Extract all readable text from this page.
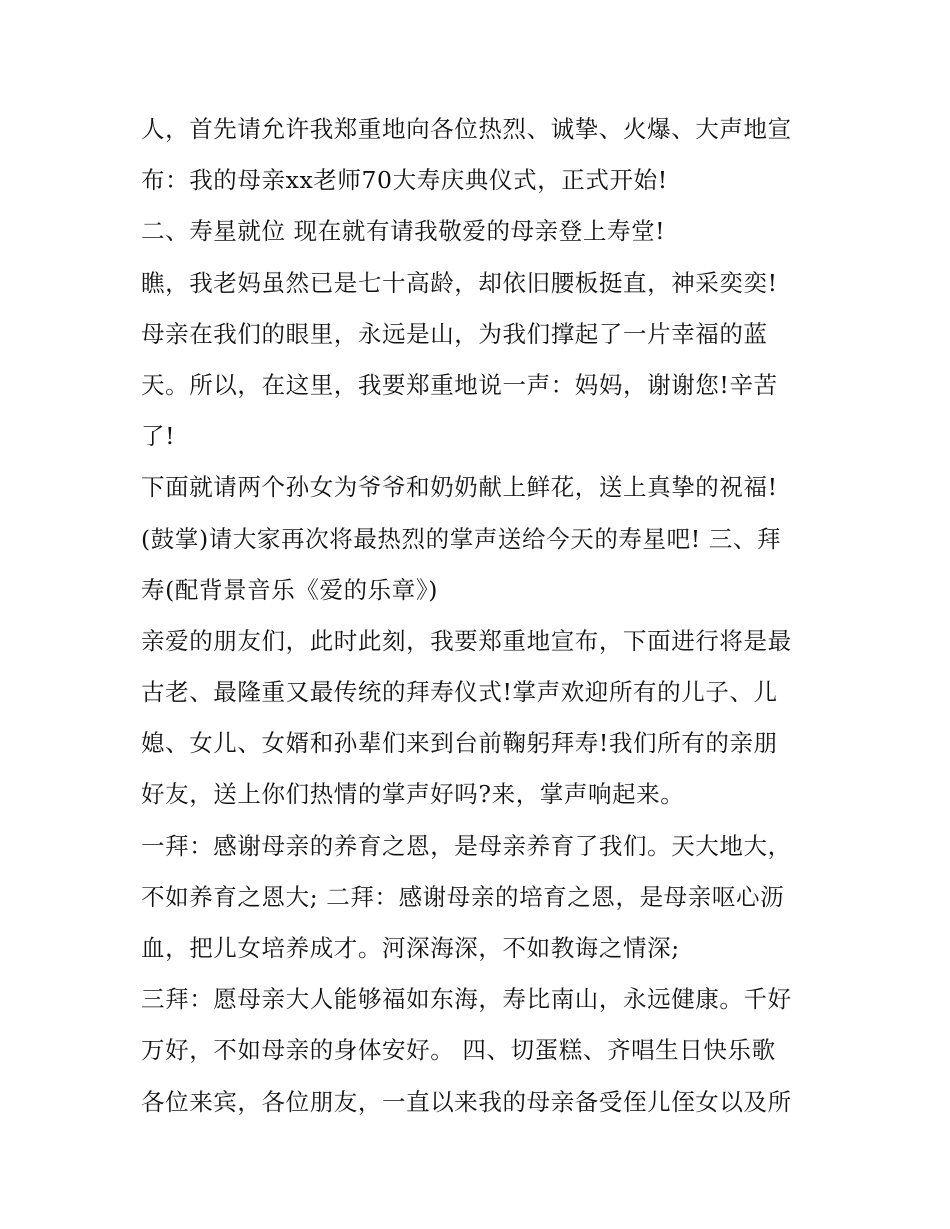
人，首先请允许我郑重地向各位热烈、诚挚、火爆、大声地宣
布：我的母亲xx老师70大寿庆典仪式，正式开始!
二、寿星就位 现在就有请我敬爱的母亲登上寿堂!
瞧，我老妈虽然已是七十高龄，却依旧腰板挺直，神采奕奕!
母亲在我们的眼里，永远是山，为我们撑起了一片幸福的蓝
天。所以，在这里，我要郑重地说一声：妈妈，谢谢您!辛苦
了!
下面就请两个孙女为爷爷和奶奶献上鲜花，送上真挚的祝福!
(鼓掌)请大家再次将最热烈的掌声送给今天的寿星吧! 三、拜
寿(配背景音乐《爱的乐章》)
亲爱的朋友们，此时此刻，我要郑重地宣布，下面进行将是最
古老、最隆重又最传统的拜寿仪式!掌声欢迎所有的儿子、儿
媳、女儿、女婿和孙辈们来到台前鞠躬拜寿!我们所有的亲朋
好友，送上你们热情的掌声好吗?来，掌声响起来。
一拜：感谢母亲的养育之恩，是母亲养育了我们。天大地大，
不如养育之恩大; 二拜：感谢母亲的培育之恩，是母亲呕心沥
血，把儿女培养成才。河深海深，不如教诲之情深;
三拜：愿母亲大人能够福如东海，寿比南山，永远健康。千好
万好，不如母亲的身体安好。 四、切蛋糕、齐唱生日快乐歌
各位来宾，各位朋友，一直以来我的母亲备受侄儿侄女以及所
